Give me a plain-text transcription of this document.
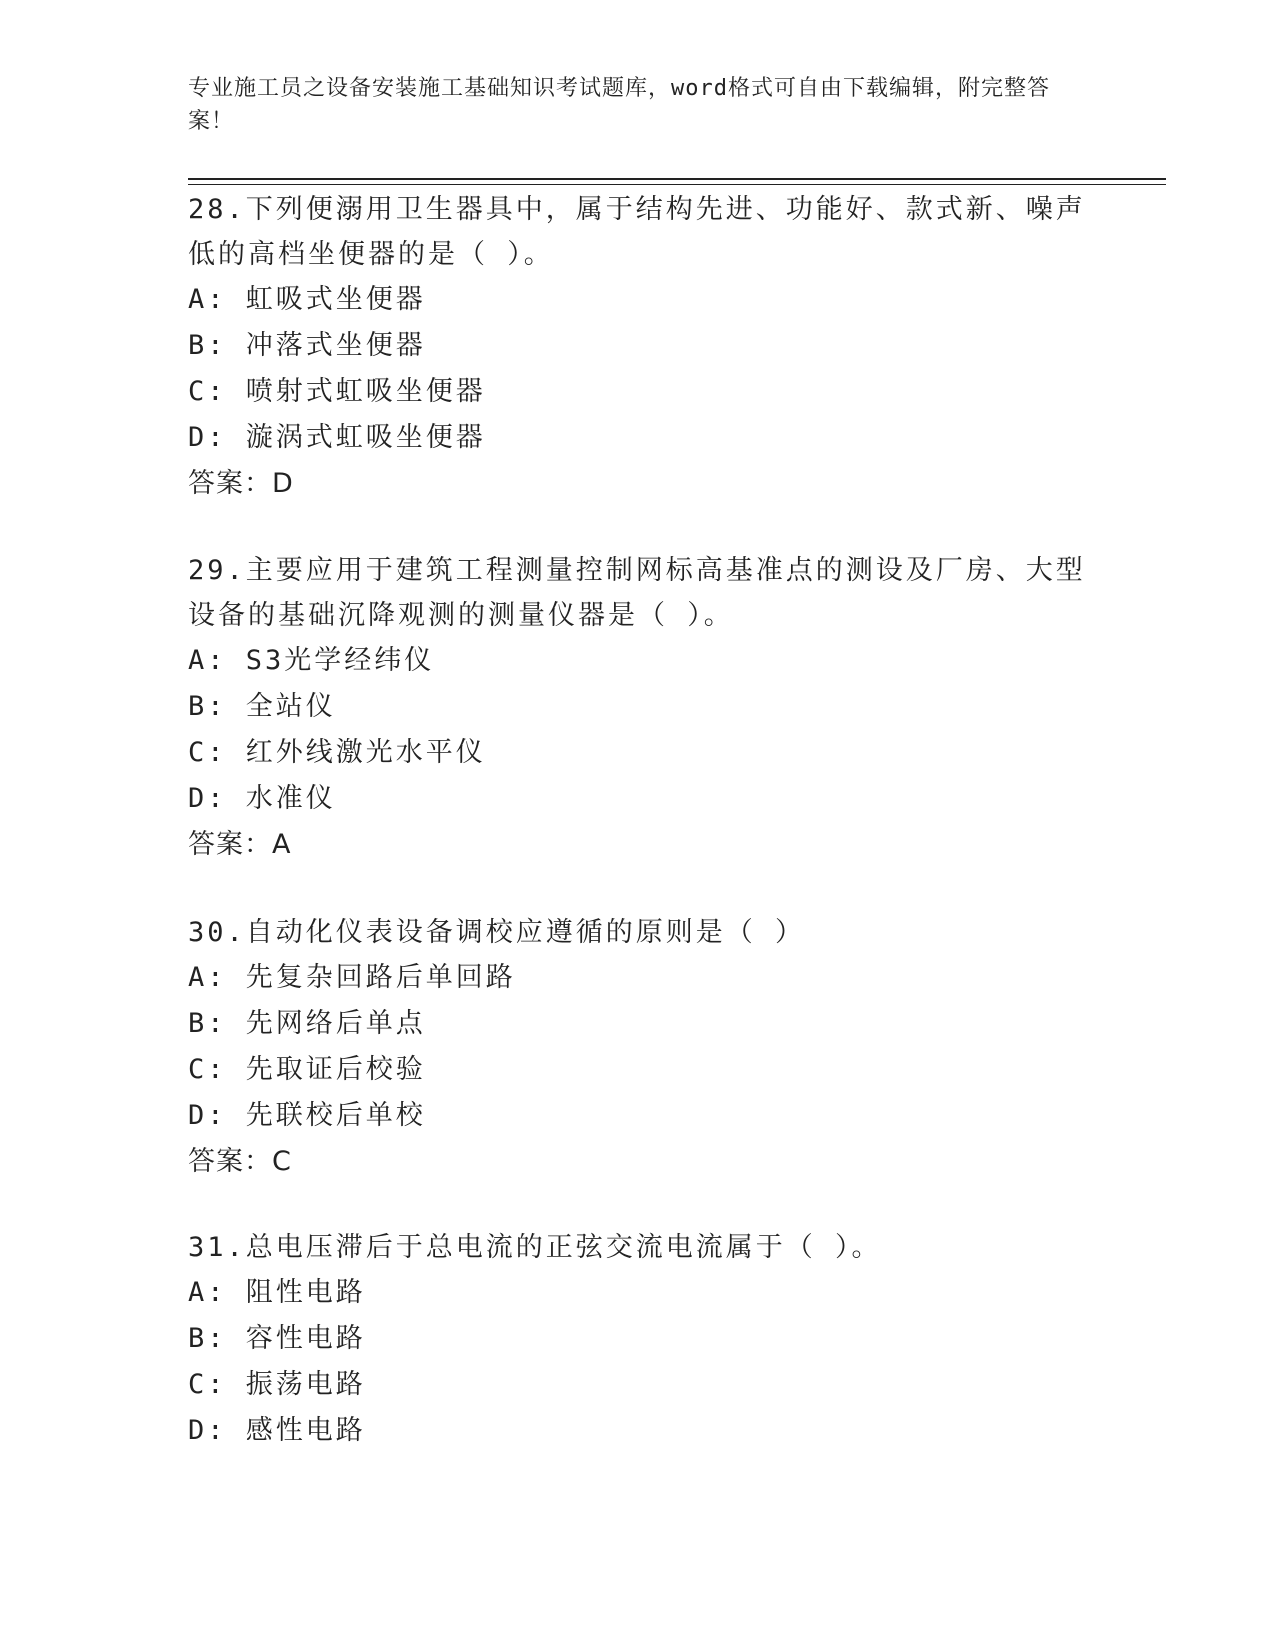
专业施工员之设备安装施工基础知识考试题库，word格式可自由下载编辑，附完整答案！
28.下列便溺用卫生器具中，属于结构先进、功能好、款式新、噪声低的高档坐便器的是（ ）。
A: 虹吸式坐便器
B: 冲落式坐便器
C: 喷射式虹吸坐便器
D: 漩涡式虹吸坐便器
答案：D
29.主要应用于建筑工程测量控制网标高基准点的测设及厂房、大型设备的基础沉降观测的测量仪器是（ ）。
A: S3光学经纬仪
B: 全站仪
C: 红外线激光水平仪
D: 水准仪
答案：A
30.自动化仪表设备调校应遵循的原则是（ ）
A: 先复杂回路后单回路
B: 先网络后单点
C: 先取证后校验
D: 先联校后单校
答案：C
31.总电压滞后于总电流的正弦交流电流属于（ ）。
A: 阻性电路
B: 容性电路
C: 振荡电路
D: 感性电路
